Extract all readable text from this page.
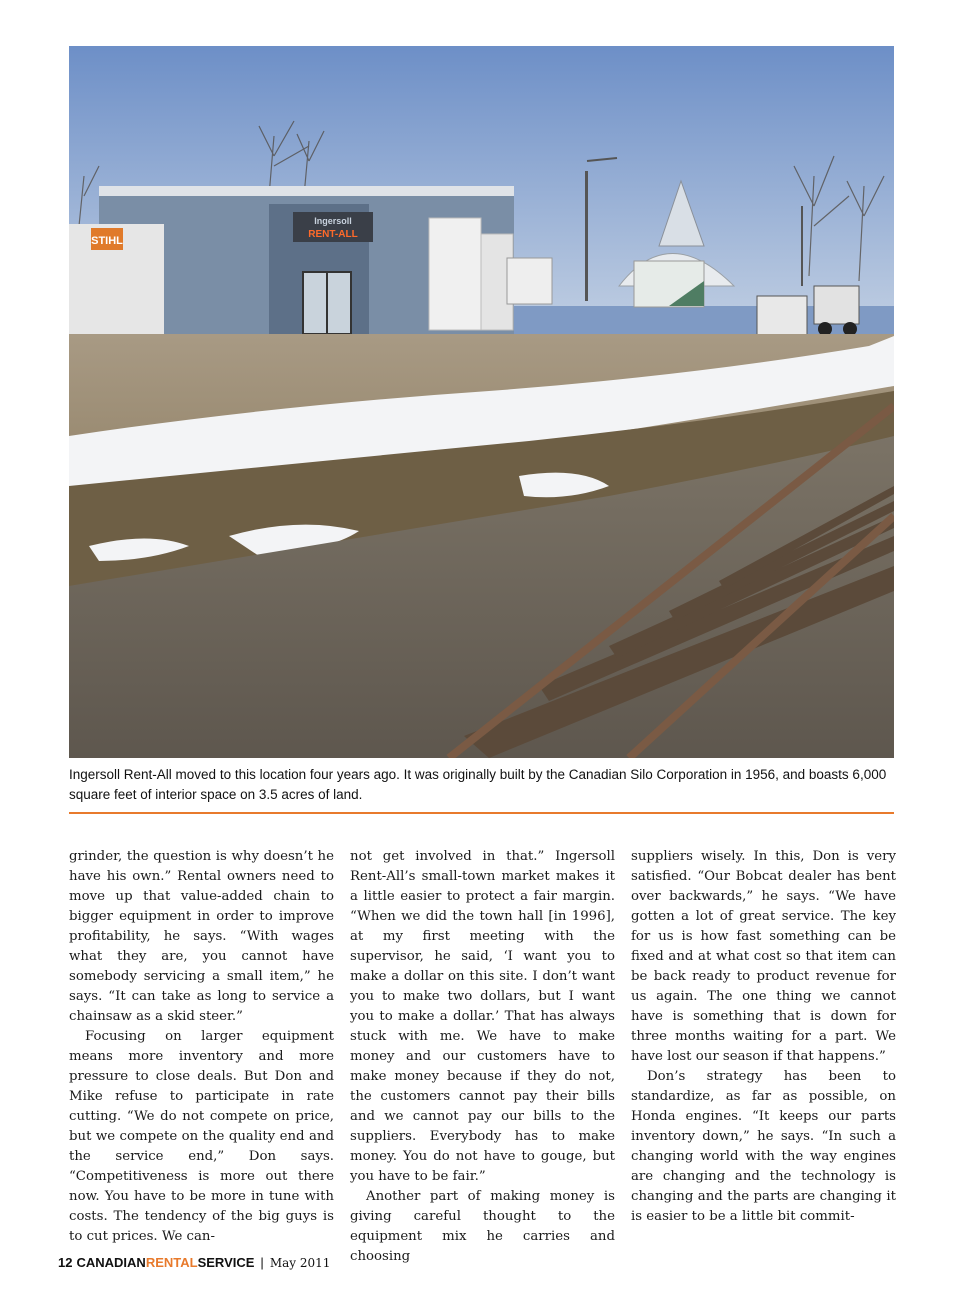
STIHL
Ingersoll
RENT-ALL
Ingersoll Rent-All moved to this location four years ago. It was originally built by the Canadian Silo Corporation in 1956, and boasts 6,000 square feet of interior space on 3.5 acres of land.

grinder, the question is why doesn’t he have his own.” Rental owners need to move up that value-added chain to bigger equipment in order to improve profitability, he says. “With wages what they are, you cannot have somebody servicing a small item,” he says. “It can take as long to service a chainsaw as a skid steer.”

Focusing on larger equipment means more inventory and more pressure to close deals. But Don and Mike refuse to participate in rate cutting. “We do not compete on price, but we compete on the quality end and the service end,” Don says. “Competitiveness is more out there now. You have to be more in tune with costs. The tendency of the big guys is to cut prices. We can-

not get involved in that.” Ingersoll Rent-All’s small-town market makes it a little easier to protect a fair margin. “When we did the town hall [in 1996], at my first meeting with the supervisor, he said, ‘I want you to make a dollar on this site. I don’t want you to make two dollars, but I want you to make a dollar.’ That has always stuck with me. We have to make money and our customers have to make money because if they do not, the customers cannot pay their bills and we cannot pay our bills to the suppliers. Everybody has to make money. You do not have to gouge, but you have to be fair.”

Another part of making money is giving careful thought to the equipment mix he carries and choosing

suppliers wisely. In this, Don is very satisfied. “Our Bobcat dealer has bent over backwards,” he says. “We have gotten a lot of great service. The key for us is how fast something can be fixed and at what cost so that item can be back ready to product revenue for us again. The one thing we cannot have is something that is down for three months waiting for a part. We have lost our season if that happens.”

Don’s strategy has been to standardize, as far as possible, on Honda engines. “It keeps our parts inventory down,” he says. “In such a changing world with the way engines are changing and the technology is changing and the parts are changing it is easier to be a little bit commit-

12 CANADIANRENTALSERVICE | May 2011
